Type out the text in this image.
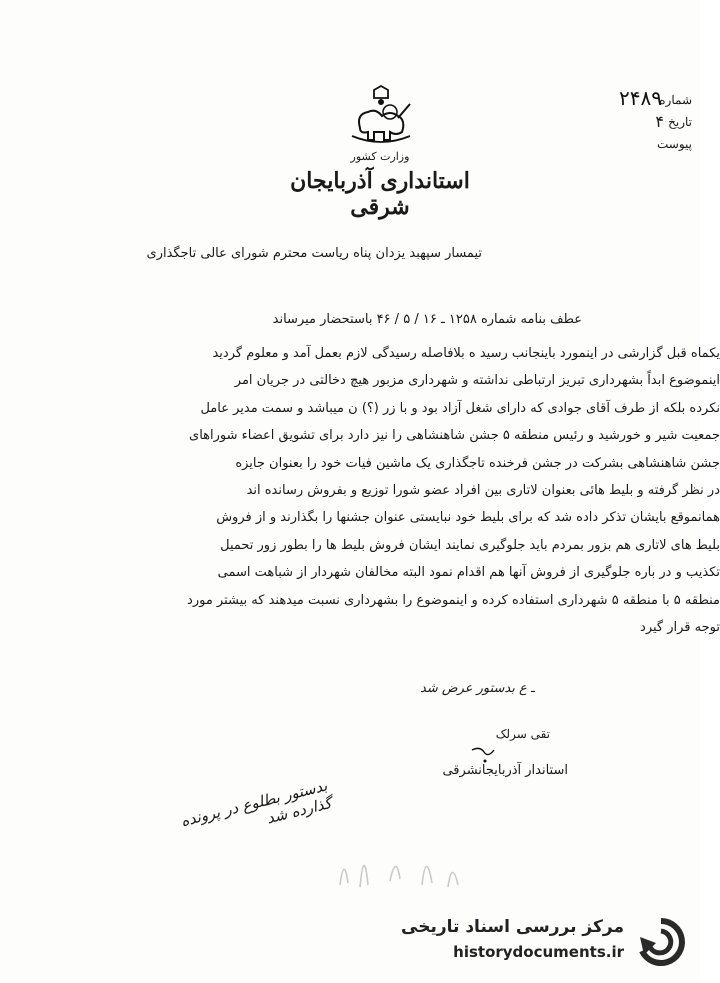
وزارت کشور
استانداری آذربایجان شرقی
شماره
۲۴۸۹
تاریخ
۴
پیوست
تیمسار سپهبد یزدان پناه ریاست محترم شورای عالی تاجگذاری
عطف بنامه شماره ۱۲۵۸ ـ ۱۶ / ۵ / ۴۶ باستحضار میرساند

یکماه قبل گزارشی در اینمورد باینجانب رسید ه بلافاصله رسیدگی لازم بعمل آمد و معلوم گردید

اینموضوع ابداً بشهرداری تبریز ارتباطی نداشته و شهرداری مزبور هیچ دخالتی در جریان امر

نکرده بلکه از طرف آقای جوادی که دارای شغل آزاد بود و با زر (؟) ن میباشد و سمت مدیر عامل

جمعیت شیر و خورشید و رئیس منطقه ۵ جشن شاهنشاهی را نیز دارد برای تشویق اعضاء شوراهای

جشن شاهنشاهی بشرکت در جشن فرخنده تاجگذاری یک ماشین فیات خود را بعنوان جایزه

در نظر گرفته و بلیط هائی بعنوان لاتاری بین افراد عضو شورا توزیع و بفروش رسانده اند

همانموقع بایشان تذکر داده شد که برای بلیط خود نبایستی عنوان جشنها را بگذارند و از فروش

بلیط های لاتاری هم بزور بمردم باید جلوگیری نمایند ایشان فروش بلیط ها را بطور زور تحمیل

تکذیب و در باره جلوگیری از فروش آنها هم اقدام نمود البته مخالفان شهردار از شباهت اسمی

منطقه ۵ با منطقه ۵ شهرداری استفاده کرده و اینموضوع را بشهرداری نسبت میدهند که بیشتر مورد

توجه قرار گیرد

ـ ع بدستور عرض شد
تقی سرلک
استاندار آذربایجانشرقی
بدستور بطلوع در پرونده گذارده شد
مرکز بررسی اسناد تاریخی
historydocuments.ir
